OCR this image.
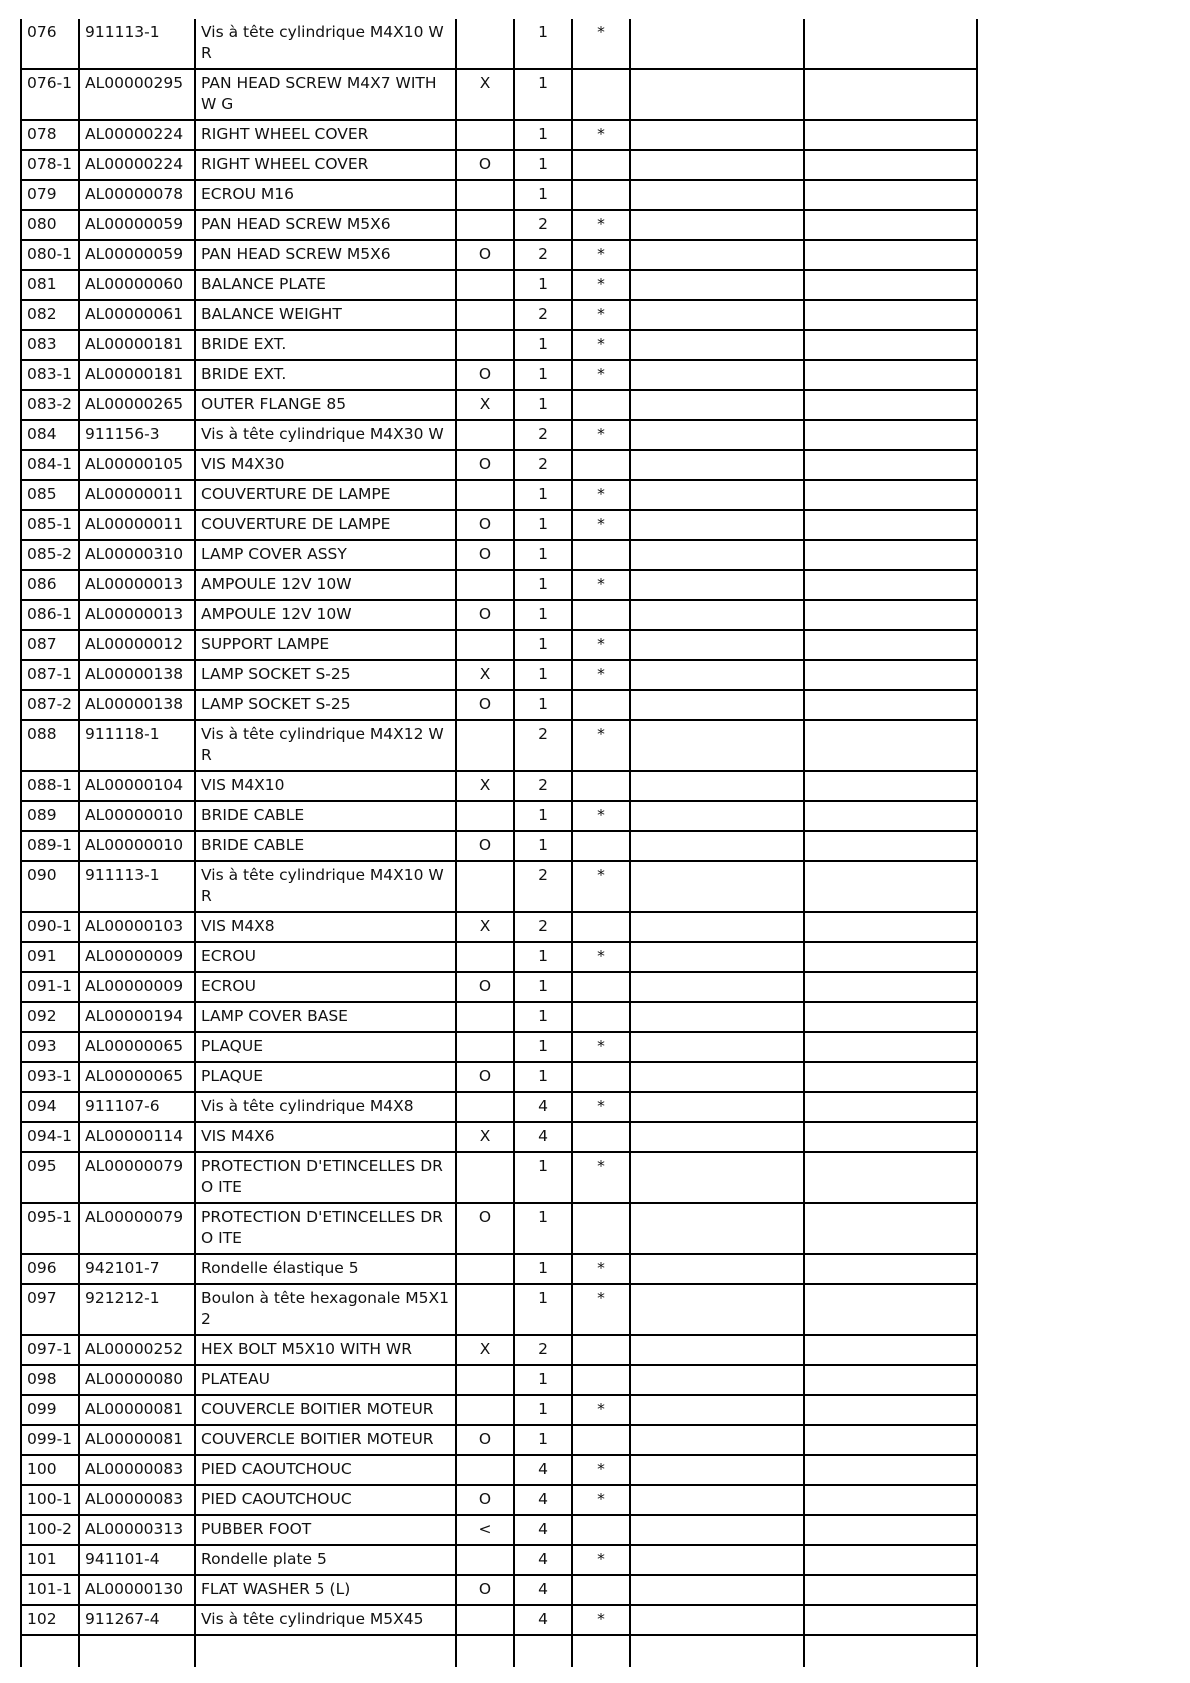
076	911113-1	Vis à tête cylindrique M4X10 WR		1	*		
076-1	AL00000295	PAN HEAD SCREW M4X7 WITH W G	X	1			
078	AL00000224	RIGHT WHEEL COVER		1	*		
078-1	AL00000224	RIGHT WHEEL COVER	O	1			
079	AL00000078	ECROU M16		1			
080	AL00000059	PAN HEAD SCREW M5X6		2	*		
080-1	AL00000059	PAN HEAD SCREW M5X6	O	2	*		
081	AL00000060	BALANCE PLATE		1	*		
082	AL00000061	BALANCE WEIGHT		2	*		
083	AL00000181	BRIDE EXT.		1	*		
083-1	AL00000181	BRIDE EXT.	O	1	*		
083-2	AL00000265	OUTER FLANGE 85	X	1			
084	911156-3	Vis à tête cylindrique M4X30 W		2	*		
084-1	AL00000105	VIS M4X30	O	2			
085	AL00000011	COUVERTURE DE LAMPE		1	*		
085-1	AL00000011	COUVERTURE DE LAMPE	O	1	*		
085-2	AL00000310	LAMP COVER ASSY	O	1			
086	AL00000013	AMPOULE 12V 10W		1	*		
086-1	AL00000013	AMPOULE 12V 10W	O	1			
087	AL00000012	SUPPORT LAMPE		1	*		
087-1	AL00000138	LAMP SOCKET S-25	X	1	*		
087-2	AL00000138	LAMP SOCKET S-25	O	1			
088	911118-1	Vis à tête cylindrique M4X12 WR		2	*		
088-1	AL00000104	VIS M4X10	X	2			
089	AL00000010	BRIDE CABLE		1	*		
089-1	AL00000010	BRIDE CABLE	O	1			
090	911113-1	Vis à tête cylindrique M4X10 WR		2	*		
090-1	AL00000103	VIS M4X8	X	2			
091	AL00000009	ECROU		1	*		
091-1	AL00000009	ECROU	O	1			
092	AL00000194	LAMP COVER BASE		1			
093	AL00000065	PLAQUE		1	*		
093-1	AL00000065	PLAQUE	O	1			
094	911107-6	Vis à tête cylindrique M4X8		4	*		
094-1	AL00000114	VIS M4X6	X	4			
095	AL00000079	PROTECTION D'ETINCELLES DRO ITE		1	*		
095-1	AL00000079	PROTECTION D'ETINCELLES DRO ITE	O	1			
096	942101-7	Rondelle élastique 5		1	*		
097	921212-1	Boulon à tête hexagonale M5X12		1	*		
097-1	AL00000252	HEX BOLT M5X10 WITH WR	X	2			
098	AL00000080	PLATEAU		1			
099	AL00000081	COUVERCLE BOITIER MOTEUR		1	*		
099-1	AL00000081	COUVERCLE BOITIER MOTEUR	O	1			
100	AL00000083	PIED CAOUTCHOUC		4	*		
100-1	AL00000083	PIED CAOUTCHOUC	O	4	*		
100-2	AL00000313	PUBBER FOOT	<	4			
101	941101-4	Rondelle plate 5		4	*		
101-1	AL00000130	FLAT WASHER 5 (L)	O	4			
102	911267-4	Vis à tête cylindrique M5X45		4	*		
